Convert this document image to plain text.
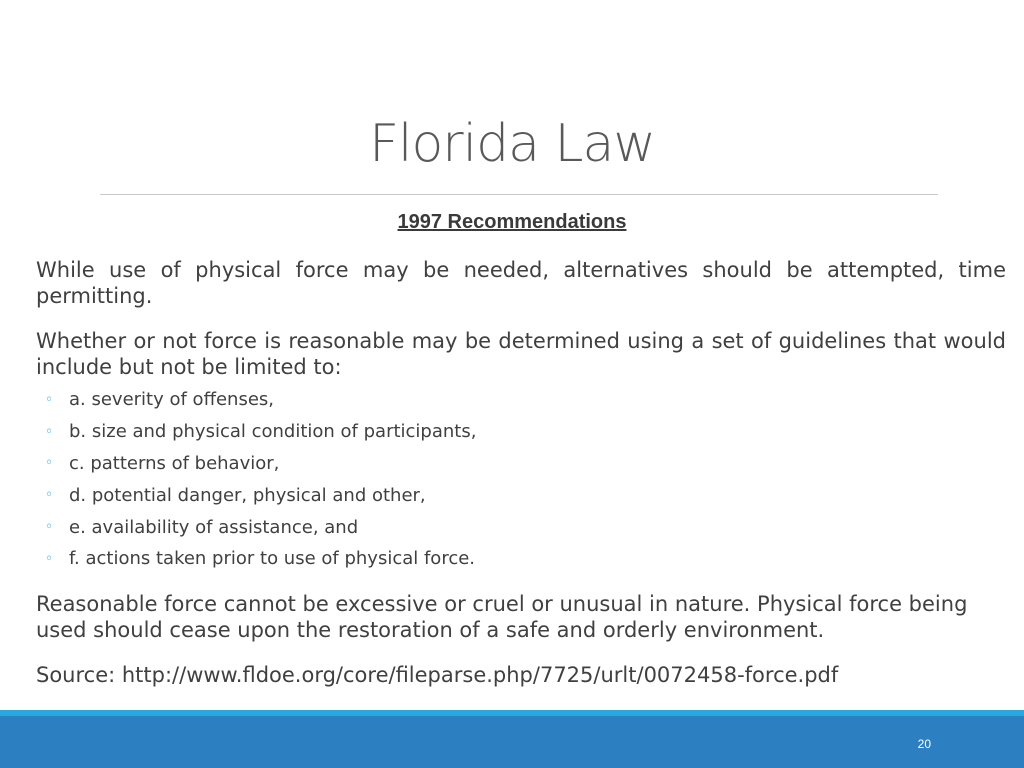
Florida Law
1997 Recommendations
While use of physical force may be needed, alternatives should be attempted, time permitting.
Whether or not force is reasonable may be determined using a set of guidelines that would include but not be limited to:
◦ a. severity of offenses,
◦ b. size and physical condition of participants,
◦ c. patterns of behavior,
◦ d. potential danger, physical and other,
◦ e. availability of assistance, and
◦ f. actions taken prior to use of physical force.
Reasonable force cannot be excessive or cruel or unusual in nature. Physical force being used should cease upon the restoration of a safe and orderly environment.
Source: http://www.fldoe.org/core/fileparse.php/7725/urlt/0072458-force.pdf
20
